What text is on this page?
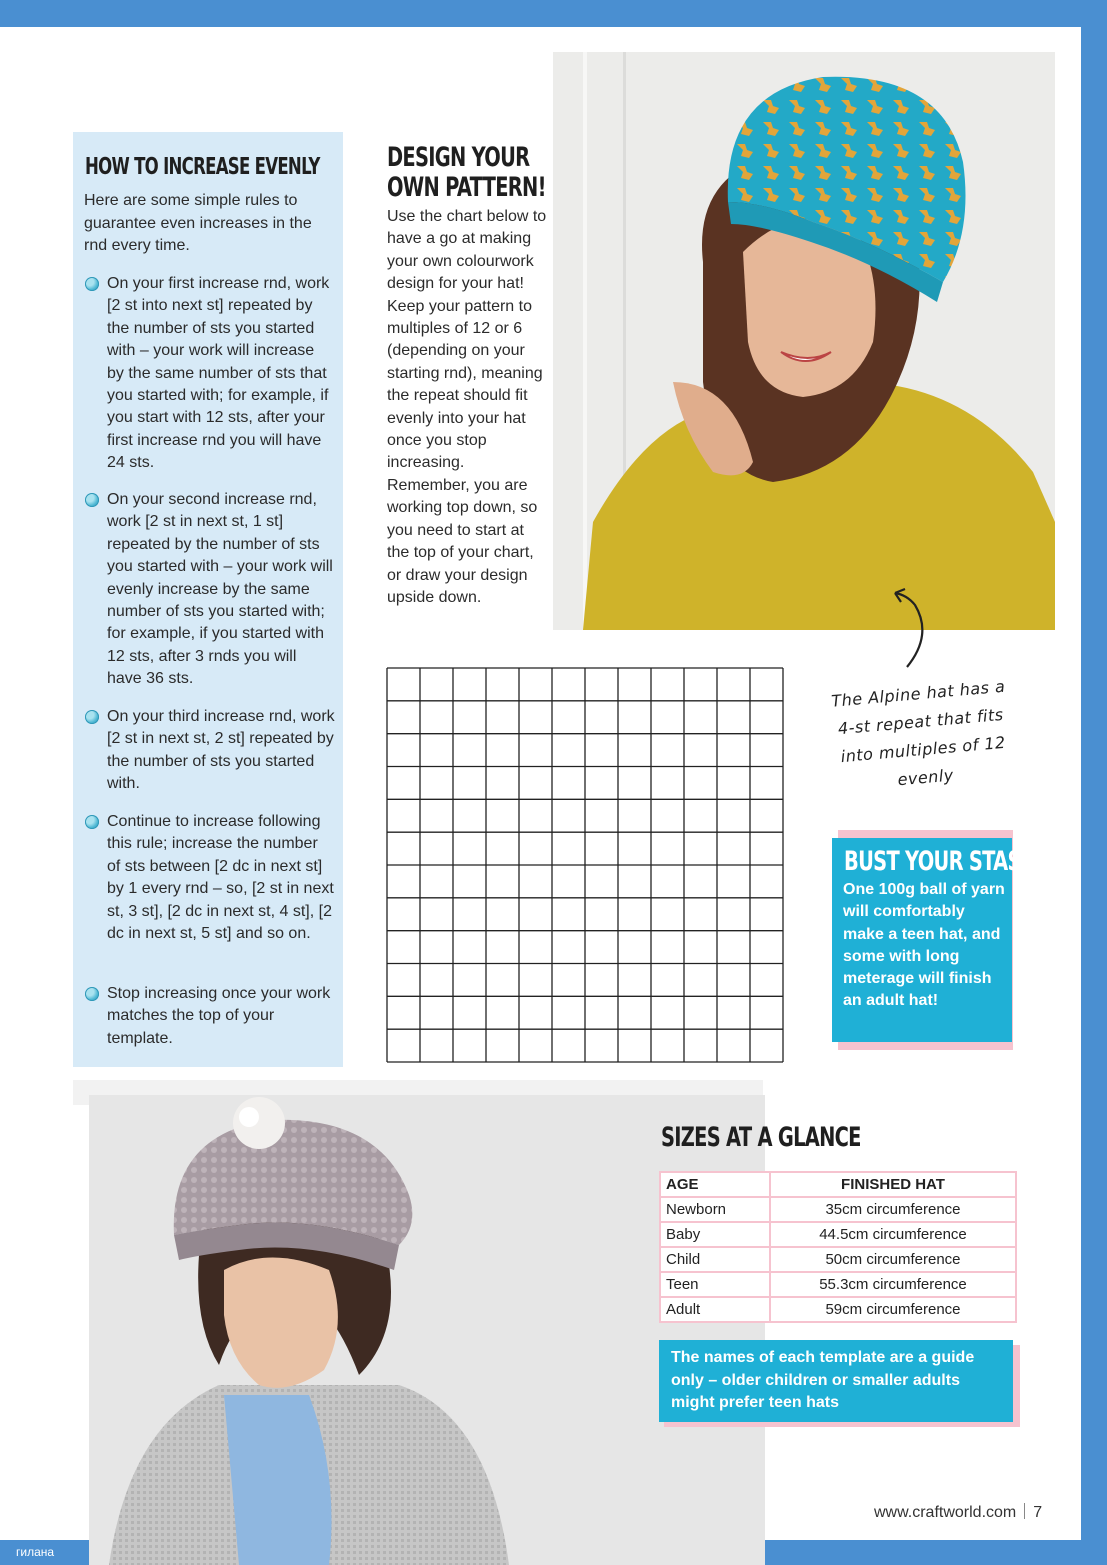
HOW TO INCREASE EVENLY
Here are some simple rules to guarantee even increases in the rnd every time.
On your first increase rnd, work [2 st into next st] repeated by the number of sts you started with – your work will increase by the same number of sts that you started with; for example, if you start with 12 sts, after your first increase rnd you will have 24 sts.
On your second increase rnd, work [2 st in next st, 1 st] repeated by the number of sts you started with – your work will evenly increase by the same number of sts you started with; for example, if you started with 12 sts, after 3 rnds you will have 36 sts.
On your third increase rnd, work [2 st in next st, 2 st] repeated by the number of sts you started with.
Continue to increase following this rule; increase the number of sts between [2 dc in next st] by 1 every rnd – so, [2 st in next st, 3 st], [2 dc in next st, 4 st], [2 dc in next st, 5 st] and so on.
Stop increasing once your work matches the top of your template.
DESIGN YOUR
OWN PATTERN!
Use the chart below to have a go at making your own colourwork design for your hat! Keep your pattern to multiples of 12 or 6 (depending on your starting rnd), meaning the repeat should fit evenly into your hat once you stop increasing. Remember, you are working top down, so you need to start at the top of your chart, or draw your design upside down.
The Alpine hat has a
4-st repeat that fits
into multiples of 12 evenly
BUST YOUR STASH
One 100g ball of yarn will comfortably make a teen hat, and some with long meterage will finish an adult hat!
SIZES AT A GLANCE
AGE	FINISHED HAT
Newborn	35cm circumference
Baby	44.5cm circumference
Child	50cm circumference
Teen	55.3cm circumference
Adult	59cm circumference
The names of each template are a guide only – older children or smaller adults might prefer teen hats
www.craftworld.com 7
гилана
